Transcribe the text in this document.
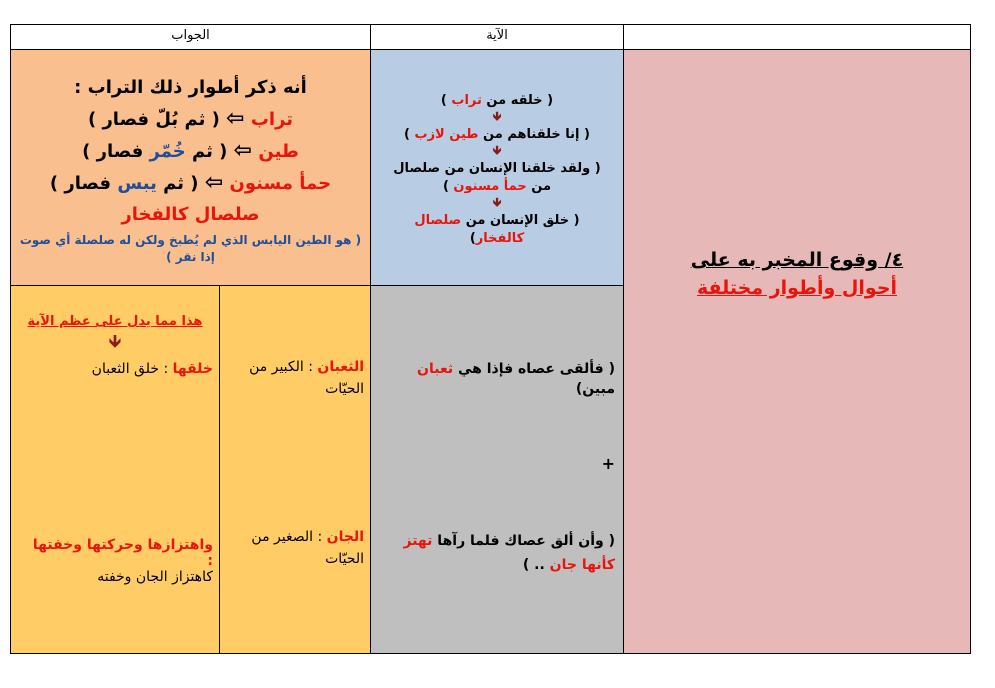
الآية
الجواب
٤/ وقوع المخبر به على
أحوال وأطوار مختلفة
( خلقه من تراب )
🡻
( إنا خلقناهم من طين لازب )
🡻
( ولقد خلقنا الإنسان من صلصال
من حمأ مسنون )
🡻
( خلق الإنسان من صلصال
كالفخار)
أنه ذكر أطوار ذلك التراب :
تراب ⇦ ( ثم بُلّ فصار )
طين ⇦ ( ثم خُمّر فصار )
حمأ مسنون ⇦ ( ثم يبس فصار )
صلصال كالفخار
( هو الطين اليابس الذي لم يُطبخ ولكن له صلصلة أي صوت إذا نقر )
( فألقى عصاه فإذا هي ثعبان مبين)
+
( وأن ألق عصاك فلما رآها تهتز
كأنها جان .. )
الثعبان : الكبير من الحيّات
الجان : الصغير من الحيّات
هذا مما يدل على عظم الآية
🡻
خلقها : خلق الثعبان
واهتزازها وحركتها وخفتها
:
كاهتزاز الجان وخفته
